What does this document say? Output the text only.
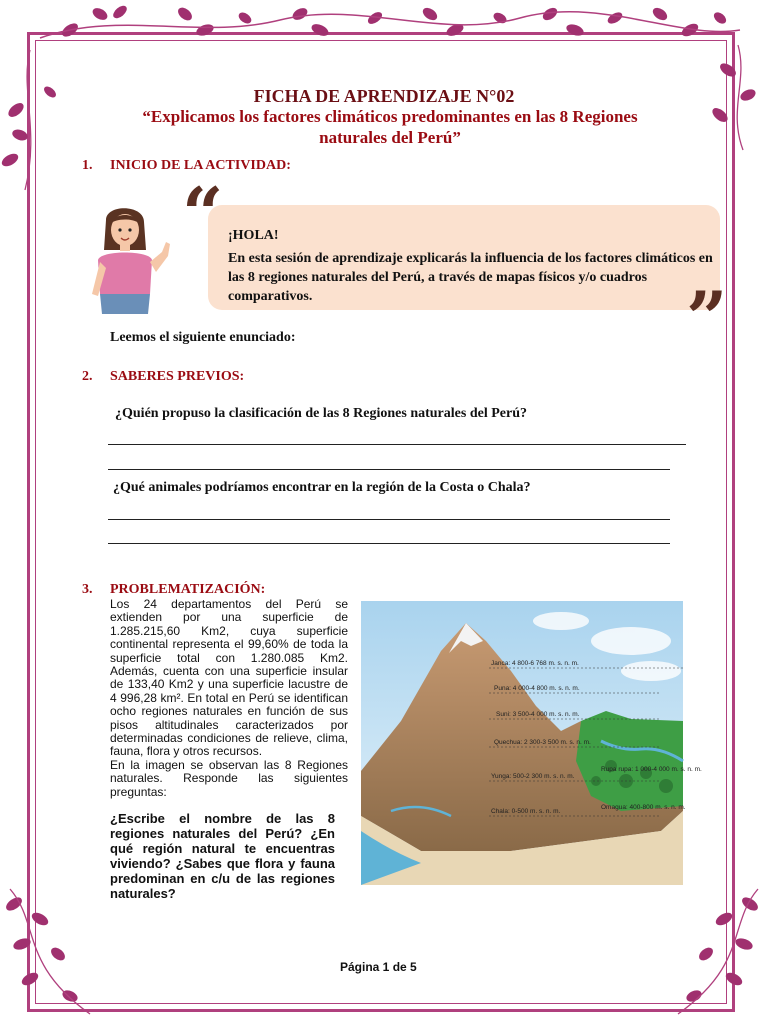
FICHA DE APRENDIZAJE N°02
“Explicamos los factores climáticos predominantes en las 8 Regiones
naturales del Perú”
1. INICIO DE LA ACTIVIDAD:
“
”
¡HOLA!
En esta sesión de aprendizaje explicarás la influencia de los factores climáticos en las 8 regiones naturales del Perú, a través de mapas físicos y/o cuadros comparativos.
Leemos el siguiente enunciado:
2. SABERES PREVIOS:
¿Quién propuso la clasificación de las 8 Regiones naturales del Perú?
¿Qué animales podríamos encontrar en la región de la Costa o Chala?
3. PROBLEMATIZACIÓN:
Los 24 departamentos del Perú se extienden por una superficie de 1.285.215,60 Km2, cuya superficie continental representa el 99,60% de toda la superficie total con 1.280.085 Km2. Además, cuenta con una superficie insular de 133,40 Km2 y una superficie lacustre de 4 996,28 km². En total en Perú se identifican ocho regiones naturales en función de sus pisos altitudinales caracterizados por determinadas condiciones de relieve, clima, fauna, flora y otros recursos.
En la imagen se observan las 8 Regiones naturales. Responde las siguientes preguntas:
¿Escribe el nombre de las 8 regiones naturales del Perú? ¿En qué región natural te encuentras viviendo? ¿Sabes que flora y fauna predominan en c/u de las regiones naturales?
Janca: 4 800-6 768 m. s. n. m.
Puna: 4 000-4 800 m. s. n. m.
Suni: 3 500-4 000 m. s. n. m.
Quechua: 2 300-3 500 m. s. n. m.
Rupa rupa: 1 000-4 000 m. s. n. m.
Yunga: 500-2 300 m. s. n. m.
Omagua: 400-800 m. s. n. m.
Chala: 0-500 m. s. n. m.
Página 1 de 5
